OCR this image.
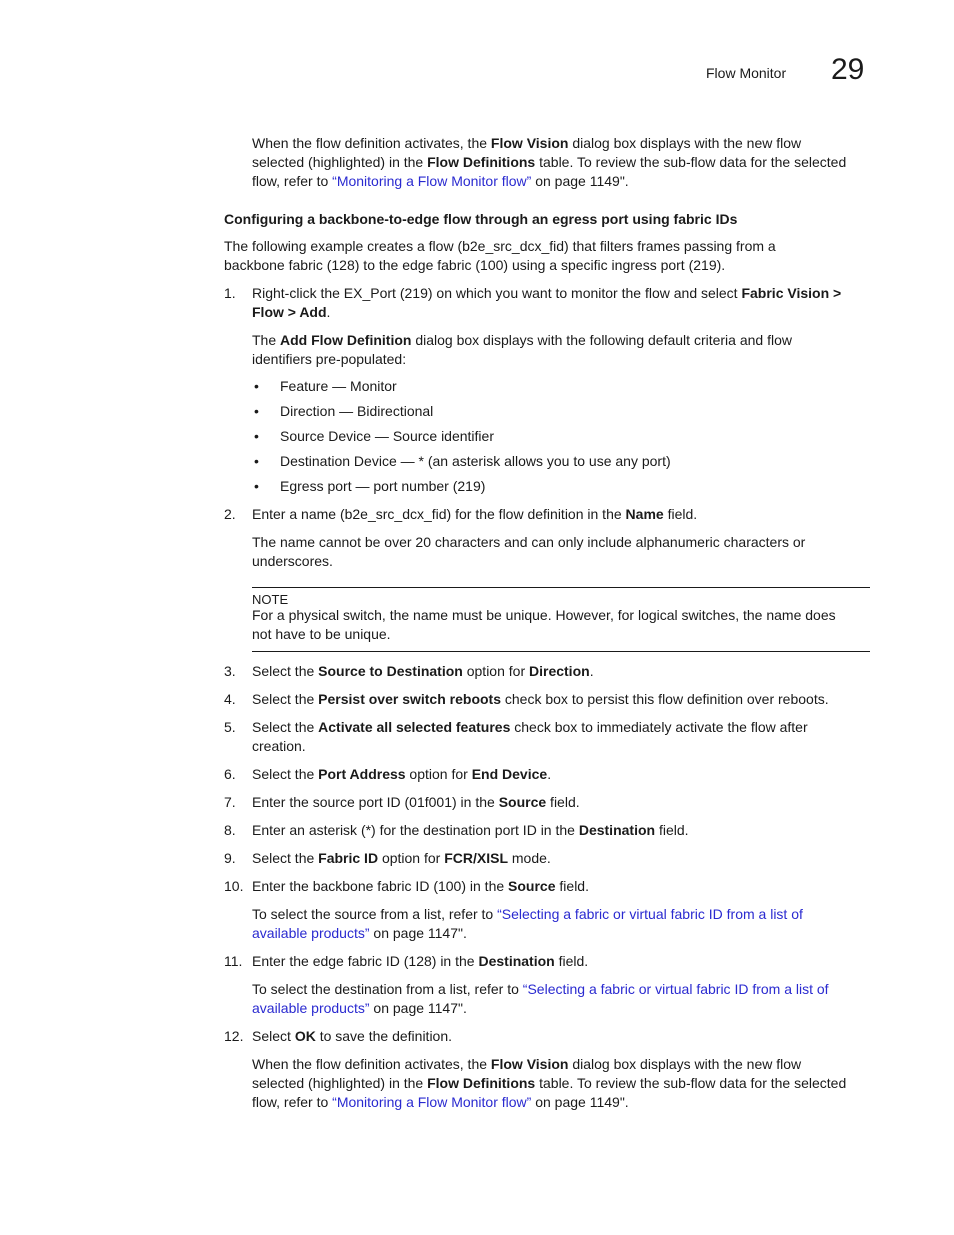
Flow Monitor 29
When the flow definition activates, the Flow Vision dialog box displays with the new flow
selected (highlighted) in the Flow Definitions table. To review the sub-flow data for the selected
flow, refer to “Monitoring a Flow Monitor flow” on page 1149".
Configuring a backbone-to-edge flow through an egress port using fabric IDs
The following example creates a flow (b2e_src_dcx_fid) that filters frames passing from a
backbone fabric (128) to the edge fabric (100) using a specific ingress port (219).
1.	Right-click the EX_Port (219) on which you want to monitor the flow and select Fabric Vision >
Flow > Add.
The Add Flow Definition dialog box displays with the following default criteria and flow
identifiers pre-populated:
• Feature — Monitor
• Direction — Bidirectional
• Source Device — Source identifier
• Destination Device — * (an asterisk allows you to use any port)
• Egress port — port number (219)
2.	Enter a name (b2e_src_dcx_fid) for the flow definition in the Name field.
The name cannot be over 20 characters and can only include alphanumeric characters or
underscores.
NOTE
For a physical switch, the name must be unique. However, for logical switches, the name does
not have to be unique.
3.	Select the Source to Destination option for Direction.
4.	Select the Persist over switch reboots check box to persist this flow definition over reboots.
5.	Select the Activate all selected features check box to immediately activate the flow after
creation.
6.	Select the Port Address option for End Device.
7.	Enter the source port ID (01f001) in the Source field.
8.	Enter an asterisk (*) for the destination port ID in the Destination field.
9.	Select the Fabric ID option for FCR/XISL mode.
10. Enter the backbone fabric ID (100) in the Source field.
To select the source from a list, refer to “Selecting a fabric or virtual fabric ID from a list of
available products” on page 1147".
11. Enter the edge fabric ID (128) in the Destination field.
To select the destination from a list, refer to “Selecting a fabric or virtual fabric ID from a list of
available products” on page 1147".
12. Select OK to save the definition.
When the flow definition activates, the Flow Vision dialog box displays with the new flow
selected (highlighted) in the Flow Definitions table. To review the sub-flow data for the selected
flow, refer to “Monitoring a Flow Monitor flow” on page 1149".
